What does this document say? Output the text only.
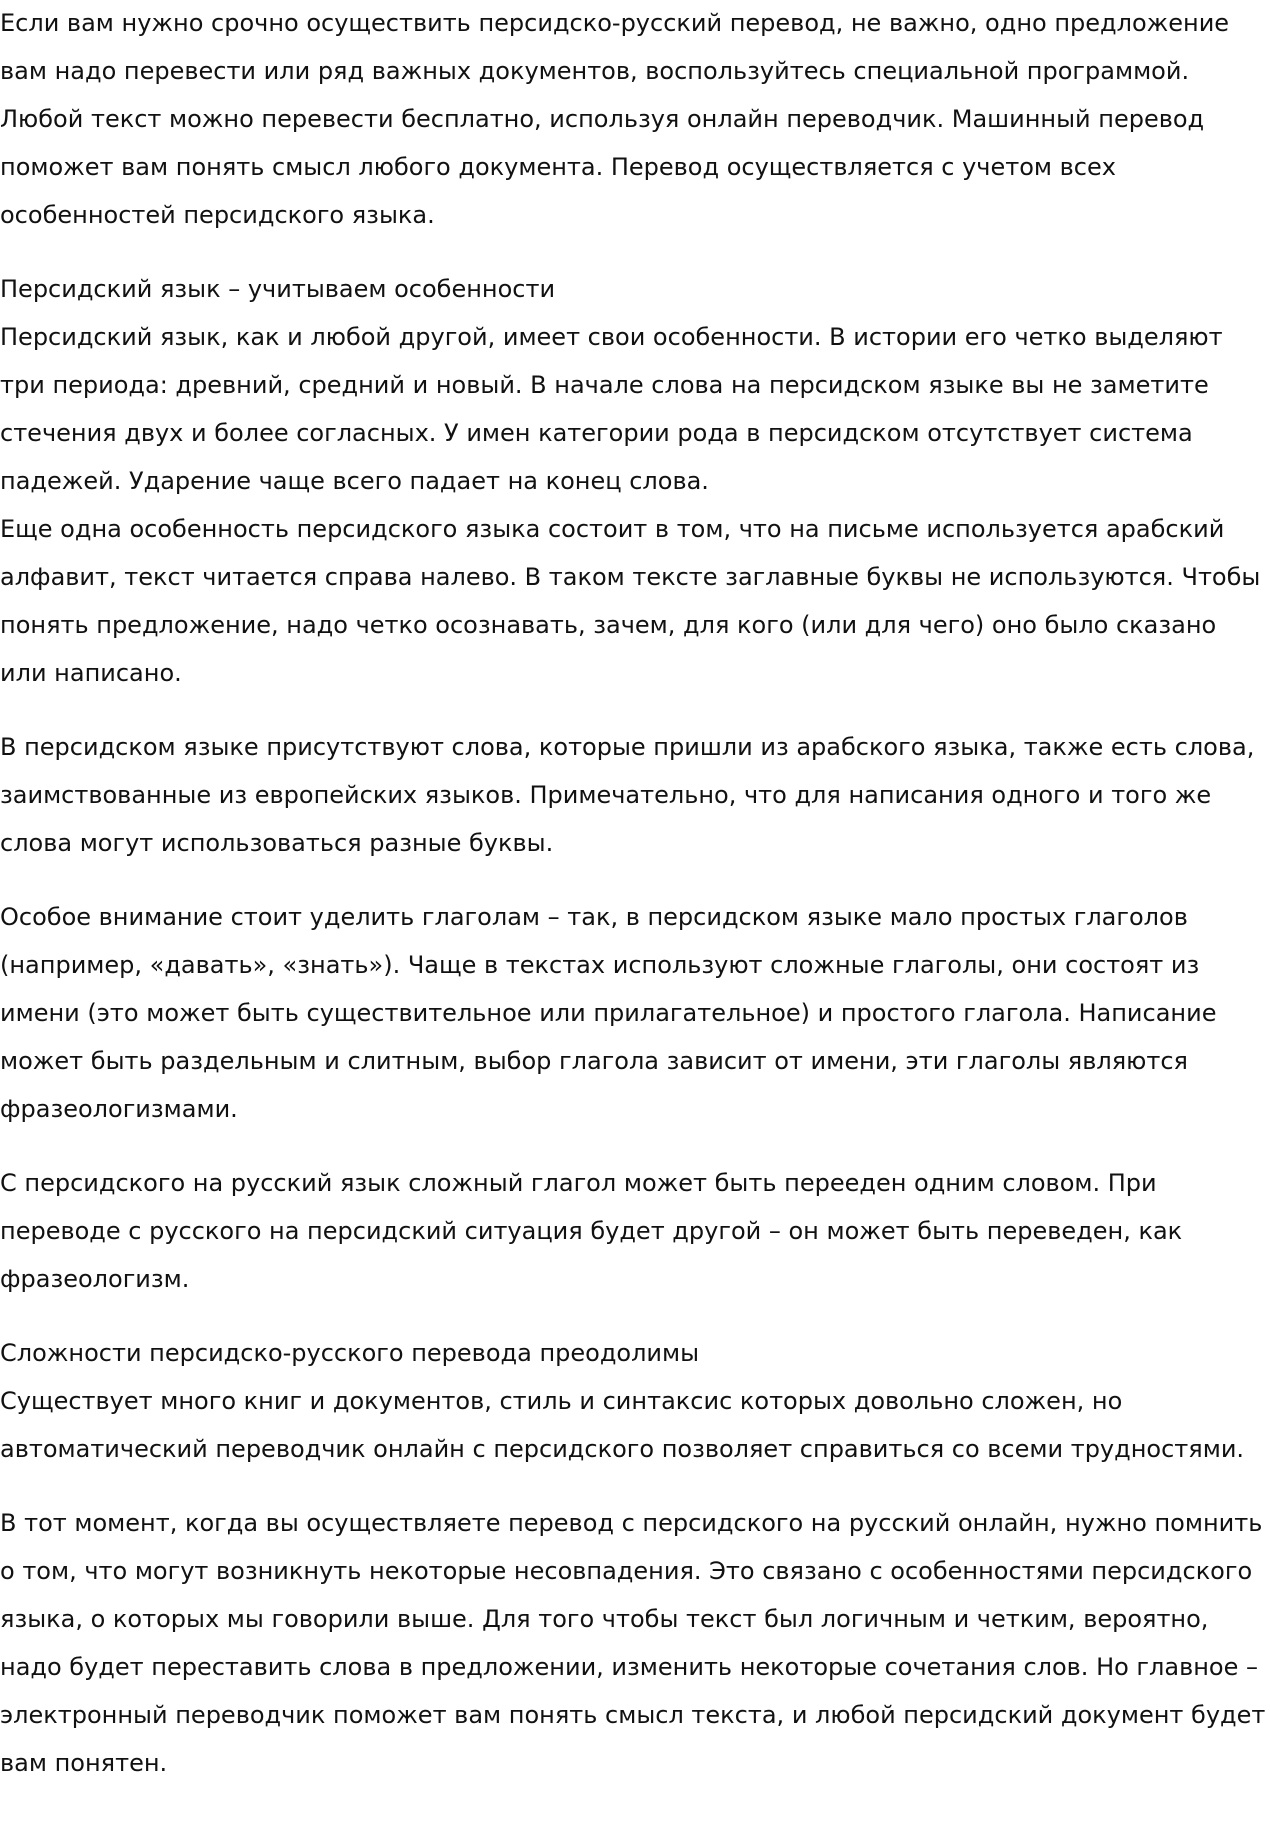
Если вам нужно срочно осуществить персидско-русский перевод, не важно, одно предложение вам надо перевести или ряд важных документов, воспользуйтесь специальной программой. Любой текст можно перевести бесплатно, используя онлайн переводчик. Машинный перевод поможет вам понять смысл любого документа. Перевод осуществляется с учетом всех особенностей персидского языка.

Персидский язык – учитываем особенности

Персидский язык, как и любой другой, имеет свои особенности. В истории его четко выделяют три периода: древний, средний и новый. В начале слова на персидском языке вы не заметите стечения двух и более согласных. У имен категории рода в персидском отсутствует система падежей. Ударение чаще всего падает на конец слова.

Еще одна особенность персидского языка состоит в том, что на письме используется арабский алфавит, текст читается справа налево. В таком тексте заглавные буквы не используются. Чтобы понять предложение, надо четко осознавать, зачем, для кого (или для чего) оно было сказано или написано.

В персидском языке присутствуют слова, которые пришли из арабского языка, также есть слова, заимствованные из европейских языков. Примечательно, что для написания одного и того же слова могут использоваться разные буквы.

Особое внимание стоит уделить глаголам – так, в персидском языке мало простых глаголов (например, «давать», «знать»). Чаще в текстах используют сложные глаголы, они состоят из имени (это может быть существительное или прилагательное) и простого глагола. Написание может быть раздельным и слитным, выбор глагола зависит от имени, эти глаголы являются фразеологизмами.

С персидского на русский язык сложный глагол может быть перееден одним словом. При переводе с русского на персидский ситуация будет другой – он может быть переведен, как фразеологизм.

Сложности персидско-русского перевода преодолимы

Существует много книг и документов, стиль и синтаксис которых довольно сложен, но автоматический переводчик онлайн с персидского позволяет справиться со всеми трудностями.

В тот момент, когда вы осуществляете перевод с персидского на русский онлайн, нужно помнить о том, что могут возникнуть некоторые несовпадения. Это связано с особенностями персидского языка, о которых мы говорили выше. Для того чтобы текст был логичным и четким, вероятно, надо будет переставить слова в предложении, изменить некоторые сочетания слов. Но главное – электронный переводчик поможет вам понять смысл текста, и любой персидский документ будет вам понятен.
